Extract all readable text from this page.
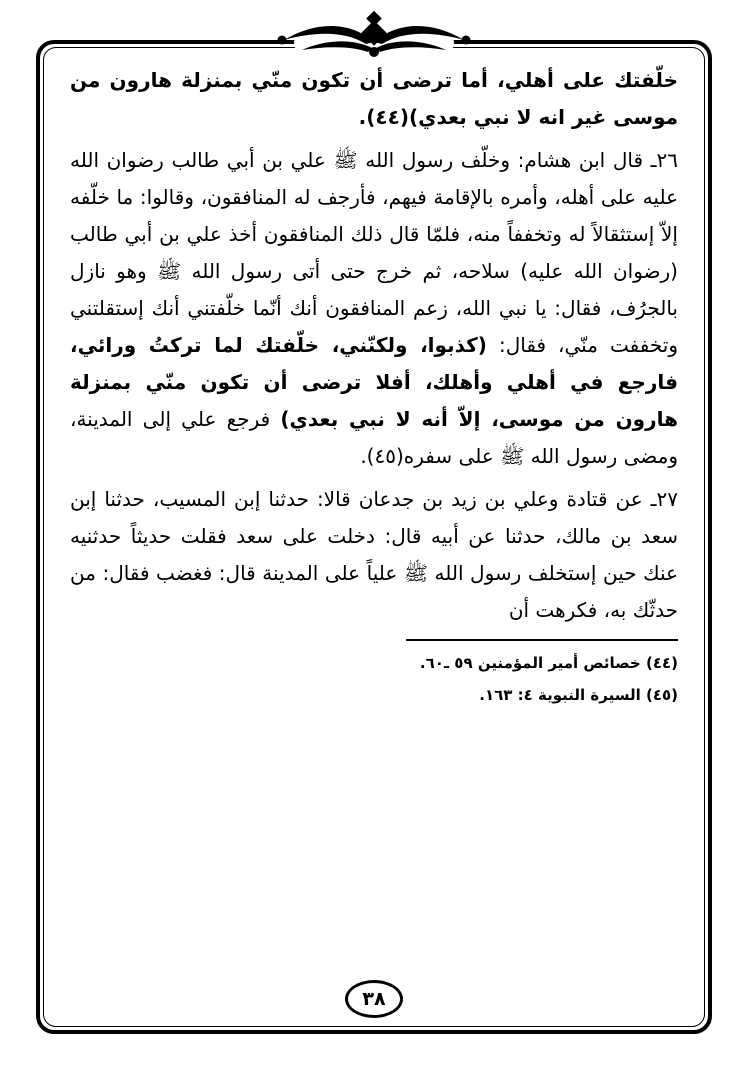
خلّفتك على أهلي، أما ترضى أن تكون منّي بمنزلة هارون من موسى غير انه لا نبي بعدي)(٤٤).

٢٦ـ قال ابن هشام: وخلّف رسول الله ﷺ علي بن أبي طالب رضوان الله عليه على أهله، وأمره بالإقامة فيهم، فأرجف له المنافقون، وقالوا: ما خلّفه إلاّ إستثقالاً له وتخففاً منه، فلمّا قال ذلك المنافقون أخذ علي بن أبي طالب (رضوان الله عليه) سلاحه، ثم خرج حتى أتى رسول الله ﷺ وهو نازل بالجرُف، فقال: يا نبي الله، زعم المنافقون أنك أنّما خلّفتني أنك إستقلتني وتخففت منّي، فقال: (كذبوا، ولكنّني، خلّفتك لما تركتُ ورائي، فارجع في أهلي وأهلك، أفلا ترضى أن تكون منّي بمنزلة هارون من موسى، إلاّ أنه لا نبي بعدي) فرجع علي إلى المدينة، ومضى رسول الله ﷺ على سفره(٤٥).

٢٧ـ عن قتادة وعلي بن زيد بن جدعان قالا: حدثنا إبن المسيب، حدثنا إبن سعد بن مالك، حدثنا عن أبيه قال: دخلت على سعد فقلت حديثاً حدثنيه عنك حين إستخلف رسول الله ﷺ علياً على المدينة قال: فغضب فقال: من حدثّك به، فكرهت أن

(٤٤) خصائص أمير المؤمنين ٥٩ ـ٦٠.

(٤٥) السيرة النبوية ٤: ١٦٣.

٣٨
